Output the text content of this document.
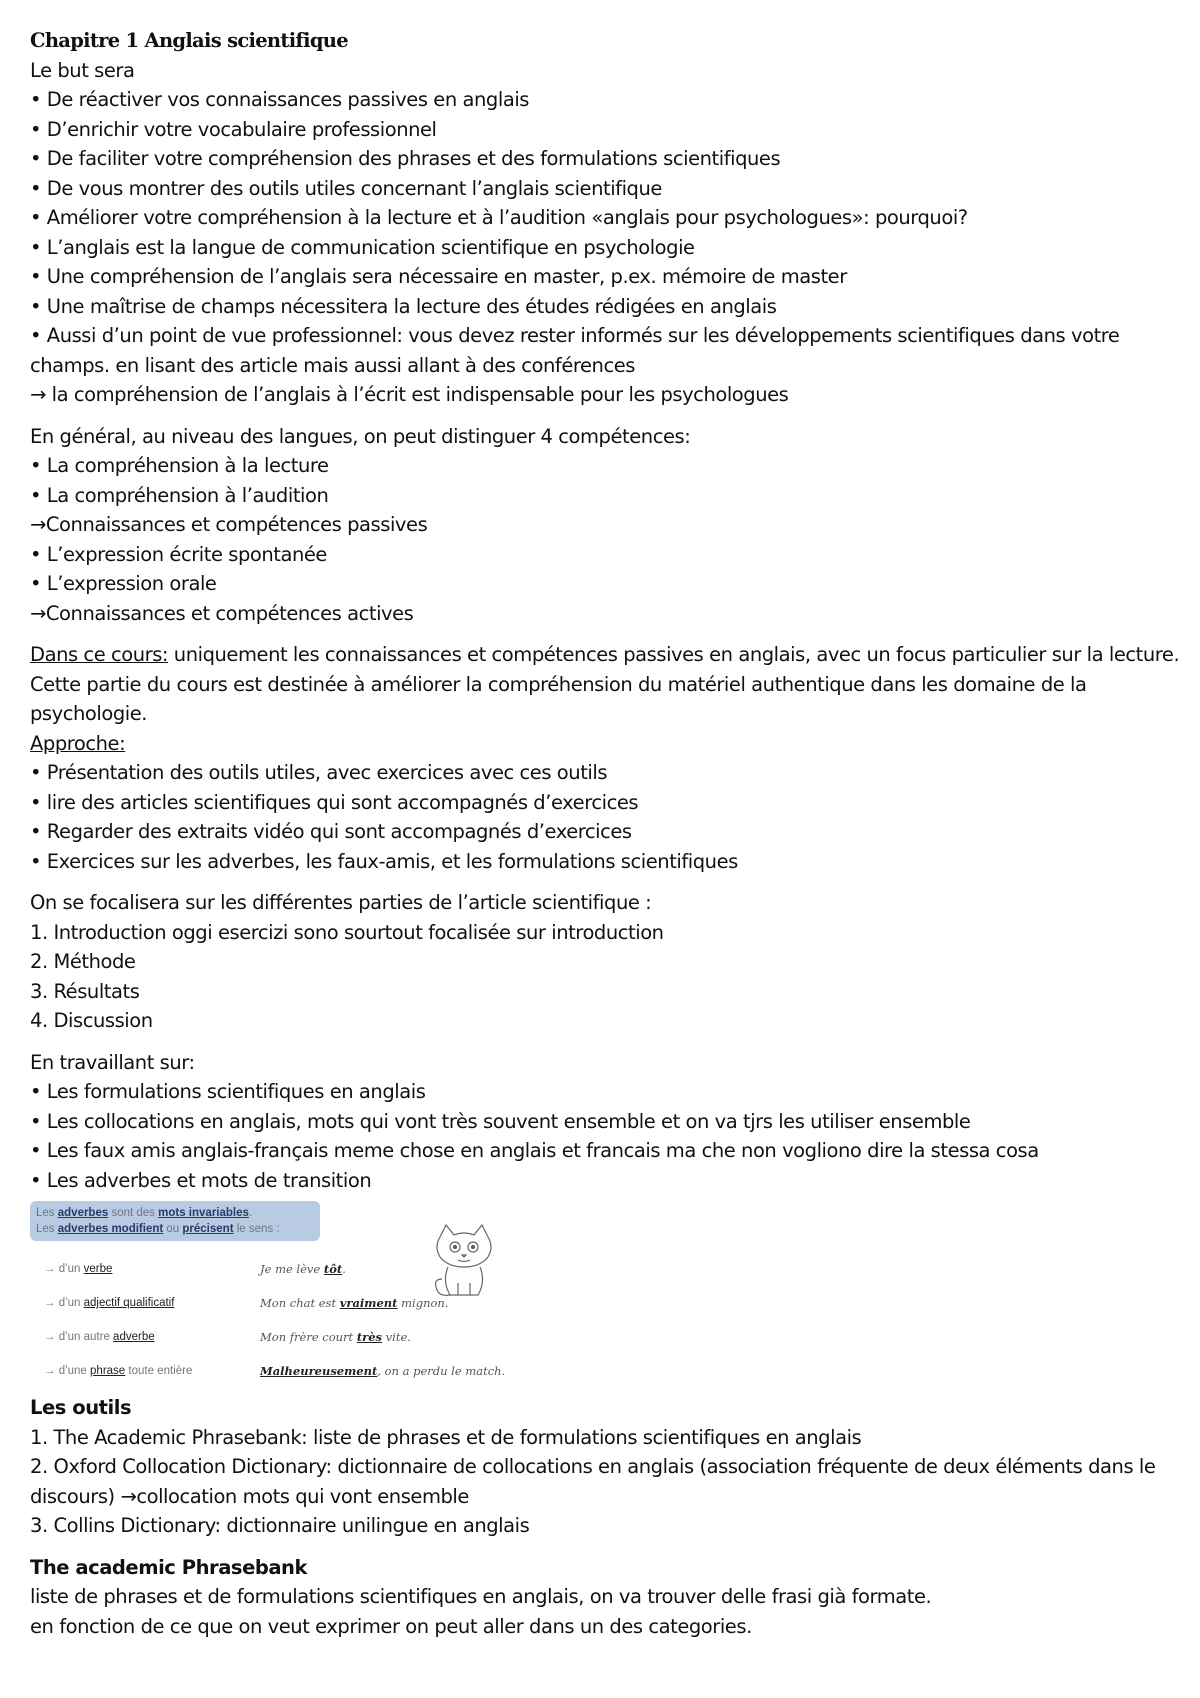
Chapitre 1 Anglais scientifique
Le but sera
• De réactiver vos connaissances passives en anglais
• D’enrichir votre vocabulaire professionnel
• De faciliter votre compréhension des phrases et des formulations scientifiques
• De vous montrer des outils utiles concernant l’anglais scientifique
• Améliorer votre compréhension à la lecture et à l’audition «anglais pour psychologues»: pourquoi?
• L’anglais est la langue de communication scientifique en psychologie
• Une compréhension de l’anglais sera nécessaire en master, p.ex. mémoire de master
• Une maîtrise de champs nécessitera la lecture des études rédigées en anglais
• Aussi d’un point de vue professionnel: vous devez rester informés sur les développements scientifiques dans votre champs. en lisant des article mais aussi allant à des conférences
→ la compréhension de l’anglais à l’écrit est indispensable pour les psychologues
En général, au niveau des langues, on peut distinguer 4 compétences:
• La compréhension à la lecture
• La compréhension à l’audition
→Connaissances et compétences passives
• L’expression écrite spontanée
• L’expression orale
→Connaissances et compétences actives
Dans ce cours: uniquement les connaissances et compétences passives en anglais, avec un focus particulier sur la lecture. Cette partie du cours est destinée à améliorer la compréhension du matériel authentique dans les domaine de la psychologie.
Approche:
• Présentation des outils utiles, avec exercices avec ces outils
• lire des articles scientifiques qui sont accompagnés d’exercices
• Regarder des extraits vidéo qui sont accompagnés d’exercices
• Exercices sur les adverbes, les faux-amis, et les formulations scientifiques
On se focalisera sur les différentes parties de l’article scientifique :
1. Introduction oggi esercizi sono sourtout focalisée sur introduction
2. Méthode
3. Résultats
4. Discussion
En travaillant sur:
• Les formulations scientifiques en anglais
• Les collocations en anglais, mots qui vont très souvent ensemble et on va tjrs les utiliser ensemble
• Les faux amis anglais-français meme chose en anglais et francais ma che non vogliono dire la stessa cosa
• Les adverbes et mots de transition
Les adverbes sont des mots invariables.
Les adverbes modifient ou précisent le sens :
→ d’un verbe	Je me lève tôt.
→ d’un adjectif qualificatif	Mon chat est vraiment mignon.
→ d’un autre adverbe	Mon frère court très vite.
→ d’une phrase toute entière	Malheureusement, on a perdu le match.
Les outils
1. The Academic Phrasebank: liste de phrases et de formulations scientifiques en anglais
2. Oxford Collocation Dictionary: dictionnaire de collocations en anglais (association fréquente de deux éléments dans le discours) →collocation mots qui vont ensemble
3. Collins Dictionary: dictionnaire unilingue en anglais
The academic Phrasebank
liste de phrases et de formulations scientifiques en anglais, on va trouver delle frasi già formate.
en fonction de ce que on veut exprimer on peut aller dans un des categories.
